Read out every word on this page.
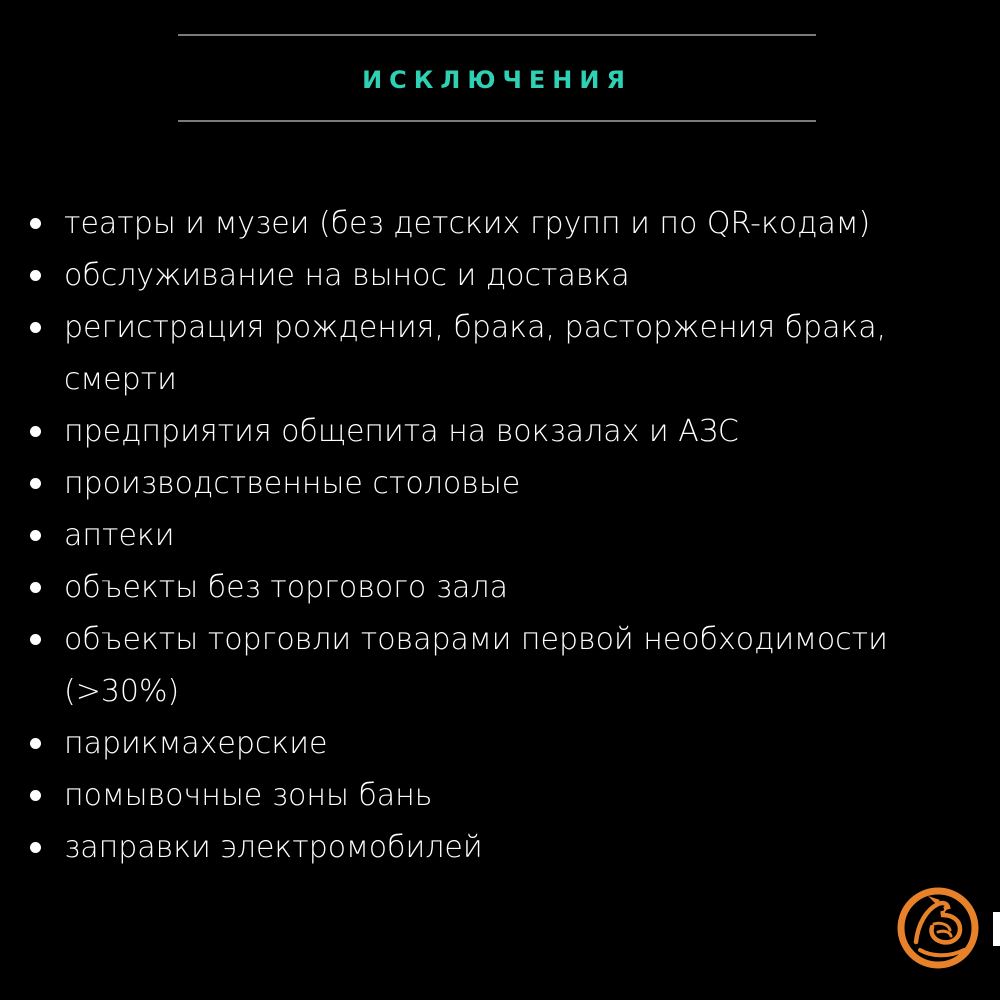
ИСКЛЮЧЕНИЯ
театры и музеи (без детских групп и по QR-кодам)
обслуживание на вынос и доставка
регистрация рождения, брака, расторжения брака, смерти
предприятия общепита на вокзалах и АЗС
производственные столовые
аптеки
объекты без торгового зала
объекты торговли товарами первой необходимости (>30%)
парикмахерские
помывочные зоны бань
заправки электромобилей
